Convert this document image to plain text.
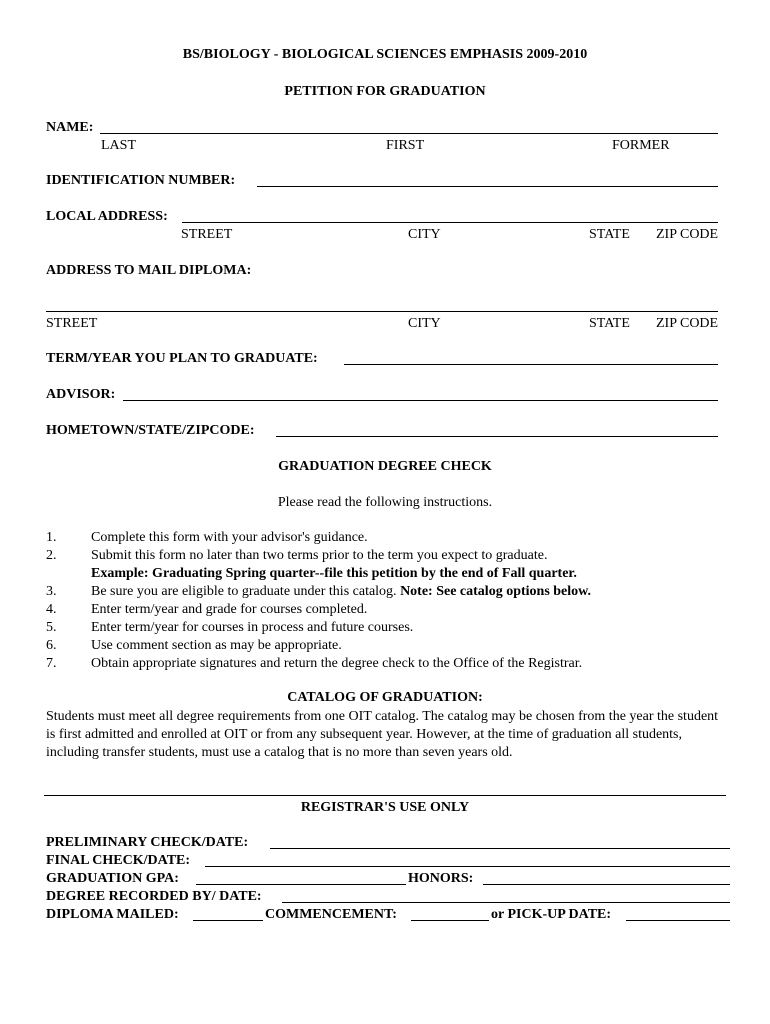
BS/BIOLOGY - BIOLOGICAL SCIENCES EMPHASIS 2009-2010
PETITION FOR GRADUATION
NAME:
LAST	FIRST	FORMER
IDENTIFICATION NUMBER:
LOCAL ADDRESS:
STREET	CITY	STATE ZIP CODE
ADDRESS TO MAIL DIPLOMA:
STREET	CITY	STATE ZIP CODE
TERM/YEAR YOU PLAN TO GRADUATE:
ADVISOR:
HOMETOWN/STATE/ZIPCODE:
GRADUATION DEGREE CHECK
Please read the following instructions.
1. Complete this form with your advisor's guidance.
2. Submit this form no later than two terms prior to the term you expect to graduate.
Example: Graduating Spring quarter--file this petition by the end of Fall quarter.
3. Be sure you are eligible to graduate under this catalog. Note: See catalog options below.
4. Enter term/year and grade for courses completed.
5. Enter term/year for courses in process and future courses.
6. Use comment section as may be appropriate.
7. Obtain appropriate signatures and return the degree check to the Office of the Registrar.
CATALOG OF GRADUATION:
Students must meet all degree requirements from one OIT catalog. The catalog may be chosen from the year the student is first admitted and enrolled at OIT or from any subsequent year. However, at the time of graduation all students, including transfer students, must use a catalog that is no more than seven years old.
REGISTRAR'S USE ONLY
PRELIMINARY CHECK/DATE:
FINAL CHECK/DATE:
GRADUATION GPA:	HONORS:
DEGREE RECORDED BY/ DATE:
DIPLOMA MAILED:	COMMENCEMENT:	or PICK-UP DATE:
